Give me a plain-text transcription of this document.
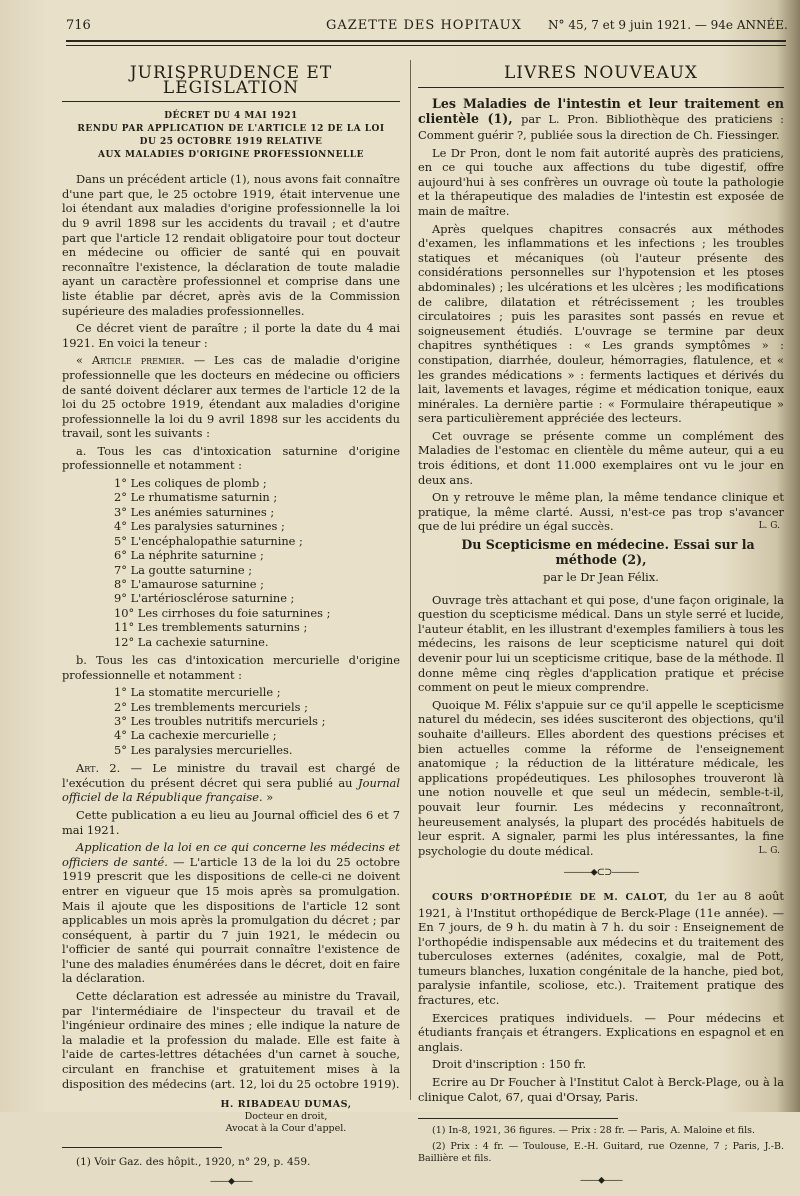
716	GAZETTE DES HOPITAUX N° 45, 7 et 9 juin 1921. — 94e ANNÉE.
JURISPRUDENCE ET LÉGISLATION
DÉCRET DU 4 MAI 1921
RENDU PAR APPLICATION DE L'ARTICLE 12 DE LA LOI
DU 25 OCTOBRE 1919 RELATIVE
AUX MALADIES D'ORIGINE PROFESSIONNELLE

Dans un précédent article (1), nous avons fait connaître d'une part que, le 25 octobre 1919, était intervenue une loi étendant aux maladies d'origine professionnelle la loi du 9 avril 1898 sur les accidents du travail ; et d'autre part que l'article 12 rendait obligatoire pour tout docteur en médecine ou officier de santé qui en pouvait reconnaître l'existence, la déclaration de toute maladie ayant un caractère professionnel et comprise dans une liste établie par décret, après avis de la Commission supérieure des maladies professionnelles.

Ce décret vient de paraître ; il porte la date du 4 mai 1921. En voici la teneur :

« Article premier. — Les cas de maladie d'origine professionnelle que les docteurs en médecine ou officiers de santé doivent déclarer aux termes de l'article 12 de la loi du 25 octobre 1919, étendant aux maladies d'origine professionnelle la loi du 9 avril 1898 sur les accidents du travail, sont les suivants :

a. Tous les cas d'intoxication saturnine d'origine professionnelle et notamment :

1° Les coliques de plomb ;
2° Le rhumatisme saturnin ;
3° Les anémies saturnines ;
4° Les paralysies saturnines ;
5° L'encéphalopathie saturnine ;
6° La néphrite saturnine ;
7° La goutte saturnine ;
8° L'amaurose saturnine ;
9° L'artériosclérose saturnine ;
10° Les cirrhoses du foie saturnines ;
11° Les tremblements saturnins ;
12° La cachexie saturnine.

b. Tous les cas d'intoxication mercurielle d'origine professionnelle et notamment :

1° La stomatite mercurielle ;
2° Les tremblements mercuriels ;
3° Les troubles nutritifs mercuriels ;
4° La cachexie mercurielle ;
5° Les paralysies mercurielles.

Art. 2. — Le ministre du travail est chargé de l'exécution du présent décret qui sera publié au Journal officiel de la République française. »

Cette publication a eu lieu au Journal officiel des 6 et 7 mai 1921.

Application de la loi en ce qui concerne les médecins et officiers de santé. — L'article 13 de la loi du 25 octobre 1919 prescrit que les dispositions de celle-ci ne doivent entrer en vigueur que 15 mois après sa promulgation. Mais il ajoute que les dispositions de l'article 12 sont applicables un mois après la promulgation du décret ; par conséquent, à partir du 7 juin 1921, le médecin ou l'officier de santé qui pourrait connaître l'existence de l'une des maladies énumérées dans le décret, doit en faire la déclaration.

Cette déclaration est adressée au ministre du Travail, par l'intermédiaire de l'inspecteur du travail et de l'ingénieur ordinaire des mines ; elle indique la nature de la maladie et la profession du malade. Elle est faite à l'aide de cartes-lettres détachées d'un carnet à souche, circulant en franchise et gratuitement mises à la disposition des médecins (art. 12, loi du 25 octobre 1919).

H. RIBADEAU DUMAS,
Docteur en droit,
Avocat à la Cour d'appel.

(1) Voir Gaz. des hôpit., 1920, n° 29, p. 459.

——⬥——
LIVRES NOUVEAUX

Les Maladies de l'intestin et leur traitement en clientèle (1), par L. Pron. Bibliothèque des praticiens : Comment guérir ?, publiée sous la direction de Ch. Fiessinger.

Le Dr Pron, dont le nom fait autorité auprès des praticiens, en ce qui touche aux affections du tube digestif, offre aujourd'hui à ses confrères un ouvrage où toute la pathologie et la thérapeutique des maladies de l'intestin est exposée de main de maître.

Après quelques chapitres consacrés aux méthodes d'examen, les inflammations et les infections ; les troubles statiques et mécaniques (où l'auteur présente des considérations personnelles sur l'hypotension et les ptoses abdominales) ; les ulcérations et les ulcères ; les modifications de calibre, dilatation et rétrécissement ; les troubles circulatoires ; puis les parasites sont passés en revue et soigneusement étudiés. L'ouvrage se termine par deux chapitres synthétiques : « Les grands symptômes » : constipation, diarrhée, douleur, hémorragies, flatulence, et « les grandes médications » : ferments lactiques et dérivés du lait, lavements et lavages, régime et médication tonique, eaux minérales. La dernière partie : « Formulaire thérapeutique » sera particulièrement appréciée des lecteurs.

Cet ouvrage se présente comme un complément des Maladies de l'estomac en clientèle du même auteur, qui a eu trois éditions, et dont 11.000 exemplaires ont vu le jour en deux ans.

On y retrouve le même plan, la même tendance clinique et pratique, la même clarté. Aussi, n'est-ce pas trop s'avancer que de lui prédire un égal succès.	L. G.

Du Scepticisme en médecine. Essai sur la méthode (2),

par le Dr Jean Félix.

Ouvrage très attachant et qui pose, d'une façon originale, la question du scepticisme médical. Dans un style serré et lucide, l'auteur établit, en les illustrant d'exemples familiers à tous les médecins, les raisons de leur scepticisme naturel qui doit devenir pour lui un scepticisme critique, base de la méthode. Il donne même cinq règles d'application pratique et précise comment on peut le mieux comprendre.

Quoique M. Félix s'appuie sur ce qu'il appelle le scepticisme naturel du médecin, ses idées susciteront des objections, qu'il souhaite d'ailleurs. Elles abordent des questions précises et bien actuelles comme la réforme de l'enseignement anatomique ; la réduction de la littérature médicale, les applications propédeutiques. Les philosophes trouveront là une notion nouvelle et que seul un médecin, semble-t-il, pouvait leur fournir. Les médecins y reconnaîtront, heureusement analysés, la plupart des procédés habituels de leur esprit. A signaler, parmi les plus intéressantes, la fine psychologie du doute médical.	L. G.

———⬥⊂⊃———

COURS D'ORTHOPÉDIE DE M. CALOT, du 1er au 8 août 1921, à l'Institut orthopédique de Berck-Plage (11e année). — En 7 jours, de 9 h. du matin à 7 h. du soir : Enseignement de l'orthopédie indispensable aux médecins et du traitement des tuberculoses externes (adénites, coxalgie, mal de Pott, tumeurs blanches, luxation congénitale de la hanche, pied bot, paralysie infantile, scoliose, etc.). Traitement pratique des fractures, etc.

Exercices pratiques individuels. — Pour médecins et étudiants français et étrangers. Explications en espagnol et en anglais.

Droit d'inscription : 150 fr.

Ecrire au Dr Foucher à l'Institut Calot à Berck-Plage, ou à la clinique Calot, 67, quai d'Orsay, Paris.

(1) In-8, 1921, 36 figures. — Prix : 28 fr. — Paris, A. Maloine et fils.

(2) Prix : 4 fr. — Toulouse, E.-H. Guitard, rue Ozenne, 7 ; Paris, J.-B. Baillière et fils.

——⬥——
